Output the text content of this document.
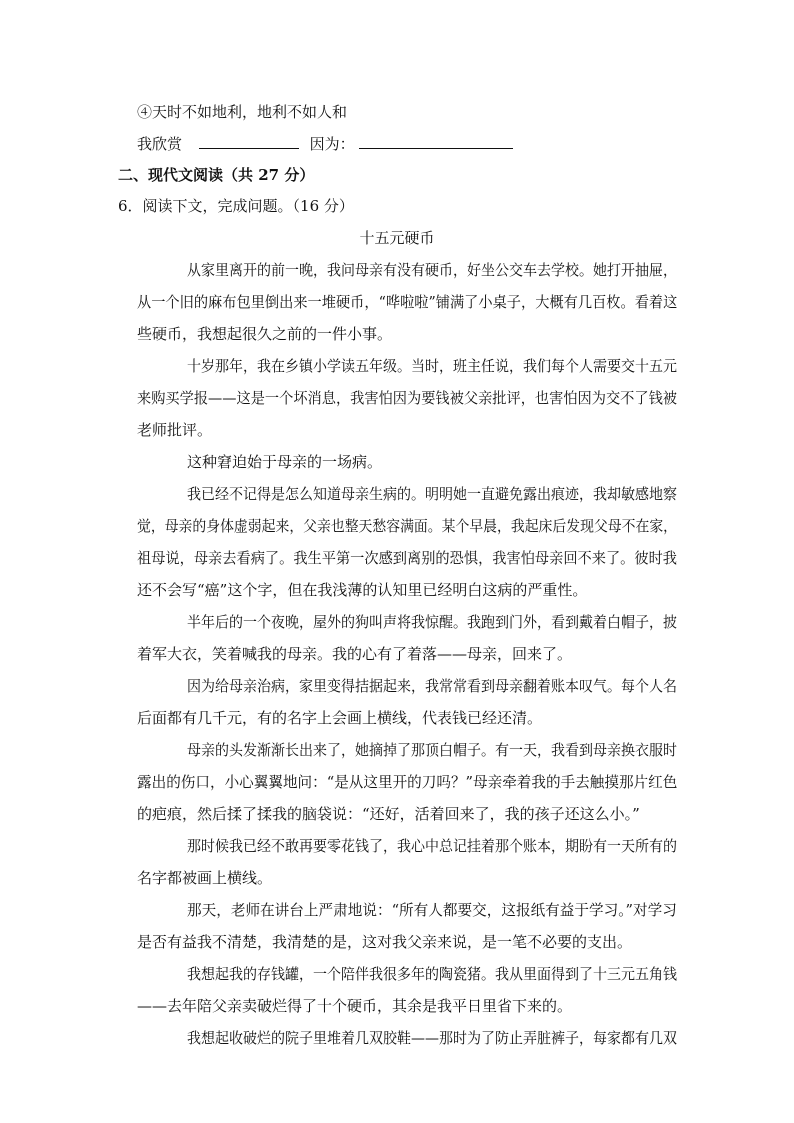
④天时不如地利，地利不如人和
我欣赏	因为：
二、现代文阅读（共 27 分）
6．阅读下文，完成问题。（16 分）
十五元硬币
从家里离开的前一晚，我问母亲有没有硬币，好坐公交车去学校。她打开抽屉，
从一个旧的麻布包里倒出来一堆硬币，“哗啦啦”铺满了小桌子，大概有几百枚。看着这
些硬币，我想起很久之前的一件小事。
十岁那年，我在乡镇小学读五年级。当时，班主任说，我们每个人需要交十五元
来购买学报——这是一个坏消息，我害怕因为要钱被父亲批评，也害怕因为交不了钱被
老师批评。
这种窘迫始于母亲的一场病。
我已经不记得是怎么知道母亲生病的。明明她一直避免露出痕迹，我却敏感地察
觉，母亲的身体虚弱起来，父亲也整天愁容满面。某个早晨，我起床后发现父母不在家，
祖母说，母亲去看病了。我生平第一次感到离别的恐惧，我害怕母亲回不来了。彼时我
还不会写“癌”这个字，但在我浅薄的认知里已经明白这病的严重性。
半年后的一个夜晚，屋外的狗叫声将我惊醒。我跑到门外，看到戴着白帽子，披
着军大衣，笑着喊我的母亲。我的心有了着落——母亲，回来了。
因为给母亲治病，家里变得拮据起来，我常常看到母亲翻着账本叹气。每个人名
后面都有几千元，有的名字上会画上横线，代表钱已经还清。
母亲的头发渐渐长出来了，她摘掉了那顶白帽子。有一天，我看到母亲换衣服时
露出的伤口，小心翼翼地问：“是从这里开的刀吗？”母亲牵着我的手去触摸那片红色
的疤痕，然后揉了揉我的脑袋说：“还好，活着回来了，我的孩子还这么小。”
那时候我已经不敢再要零花钱了，我心中总记挂着那个账本，期盼有一天所有的
名字都被画上横线。
那天，老师在讲台上严肃地说：“所有人都要交，这报纸有益于学习。”对学习
是否有益我不清楚，我清楚的是，这对我父亲来说，是一笔不必要的支出。
我想起我的存钱罐，一个陪伴我很多年的陶瓷猪。我从里面得到了十三元五角钱
——去年陪父亲卖破烂得了十个硬币，其余是我平日里省下来的。
我想起收破烂的院子里堆着几双胶鞋——那时为了防止弄脏裤子，每家都有几双
